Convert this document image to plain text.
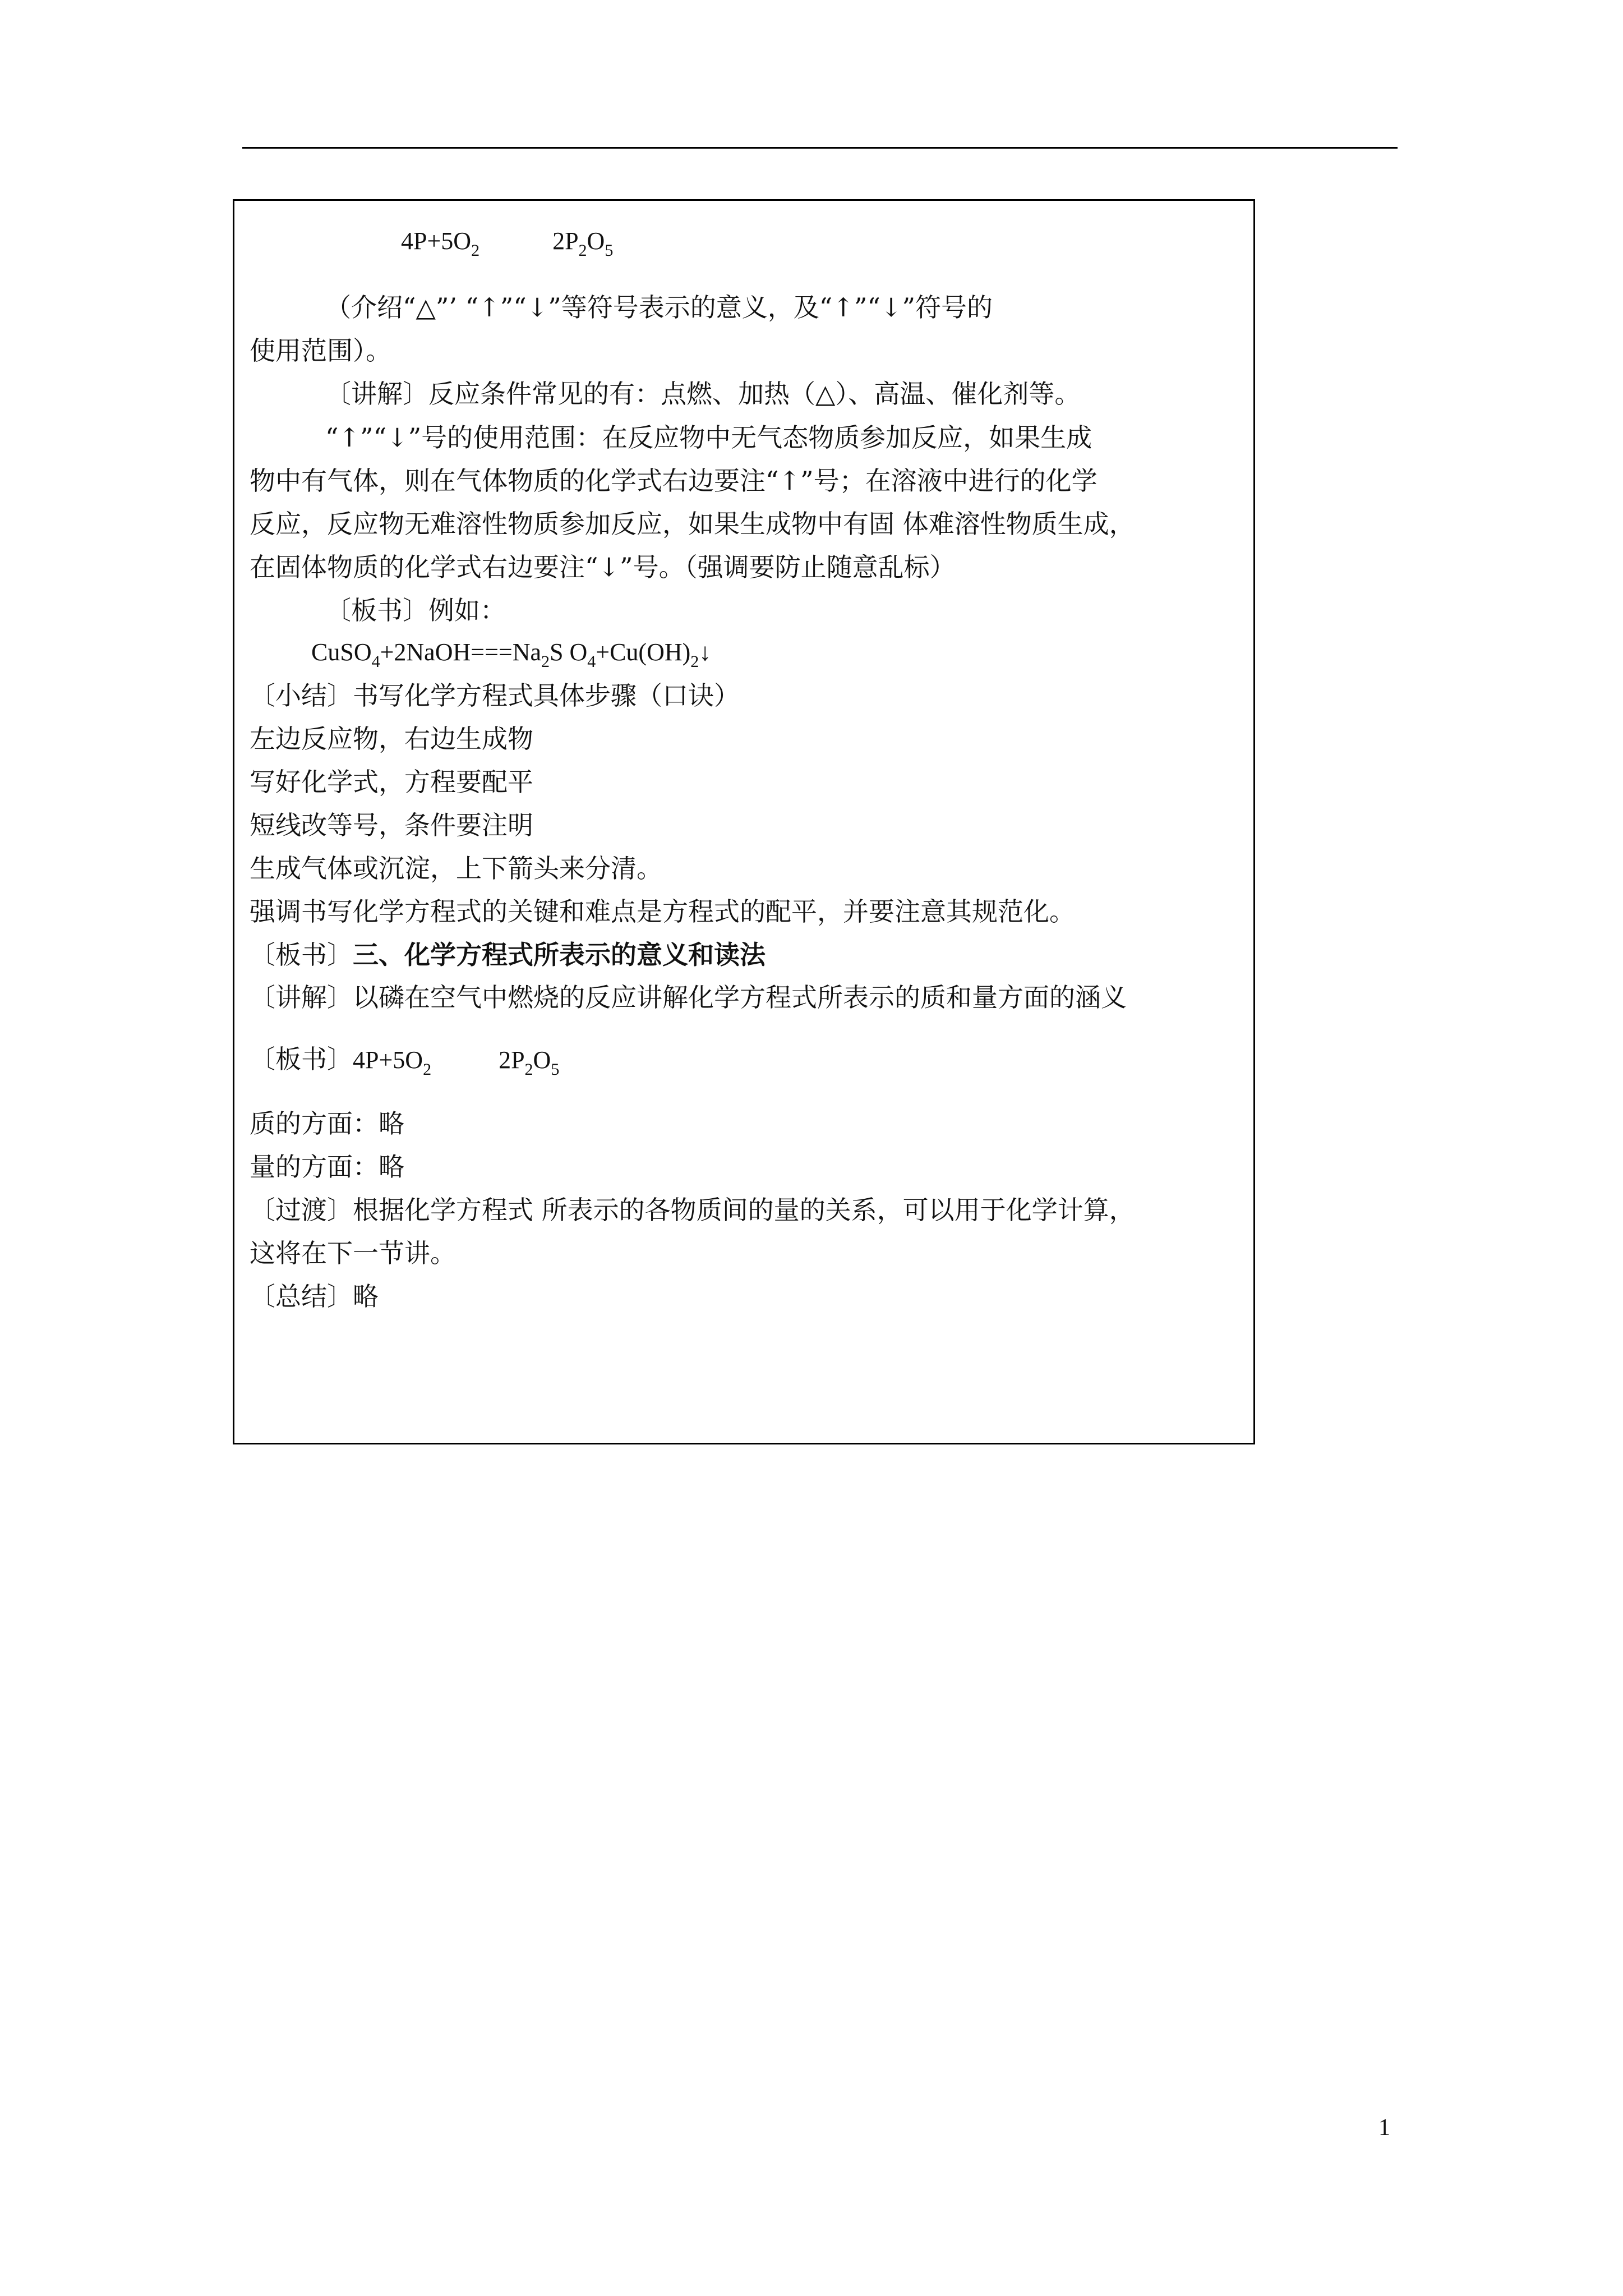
$4P+5O_2$	$2P_2O_5$
（介绍“△”’ “↑”“↓”等符号表示的意义，及“↑”“↓”符号的
使用范围）。
〔讲解〕反应条件常见的有：点燃、加热（△）、高温、催化剂等。
“↑”“↓”号的使用范围：在反应物中无气态物质参加反应，如果生成
物中有气体，则在气体物质的化学式右边要注“↑”号；在溶液中进行的化学
反应，反应物无难溶性物质参加反应，如果生成物中有固 体难溶性物质生成，
在固体物质的化学式右边要注“↓”号。（强调要防止随意乱标）
〔板书〕例如：
$CuSO_4+2NaOH===Na_2S$ $O_4+Cu(OH)_2↓$
〔小结〕书写化学方程式具体步骤（口诀）
左边反应物，右边生成物
写好化学式，方程要配平
短线改等号，条件要注明
生成气体或沉淀，上下箭头来分清。
强调书写化学方程式的关键和难点是方程式的配平，并要注意其规范化。
〔板书〕三、化学方程式所表示的意义和读法
〔讲解〕以磷在空气中燃烧的反应讲解化学方程式所表示的质和量方面的涵义
〔板书〕$4P+5O_2$	$2P_2O_5$
质的方面：略
量的方面：略
〔过渡〕根据化学方程式 所表示的各物质间的量的关系，可以用于化学计算，
这将在下一节讲。
〔总结〕略
1
